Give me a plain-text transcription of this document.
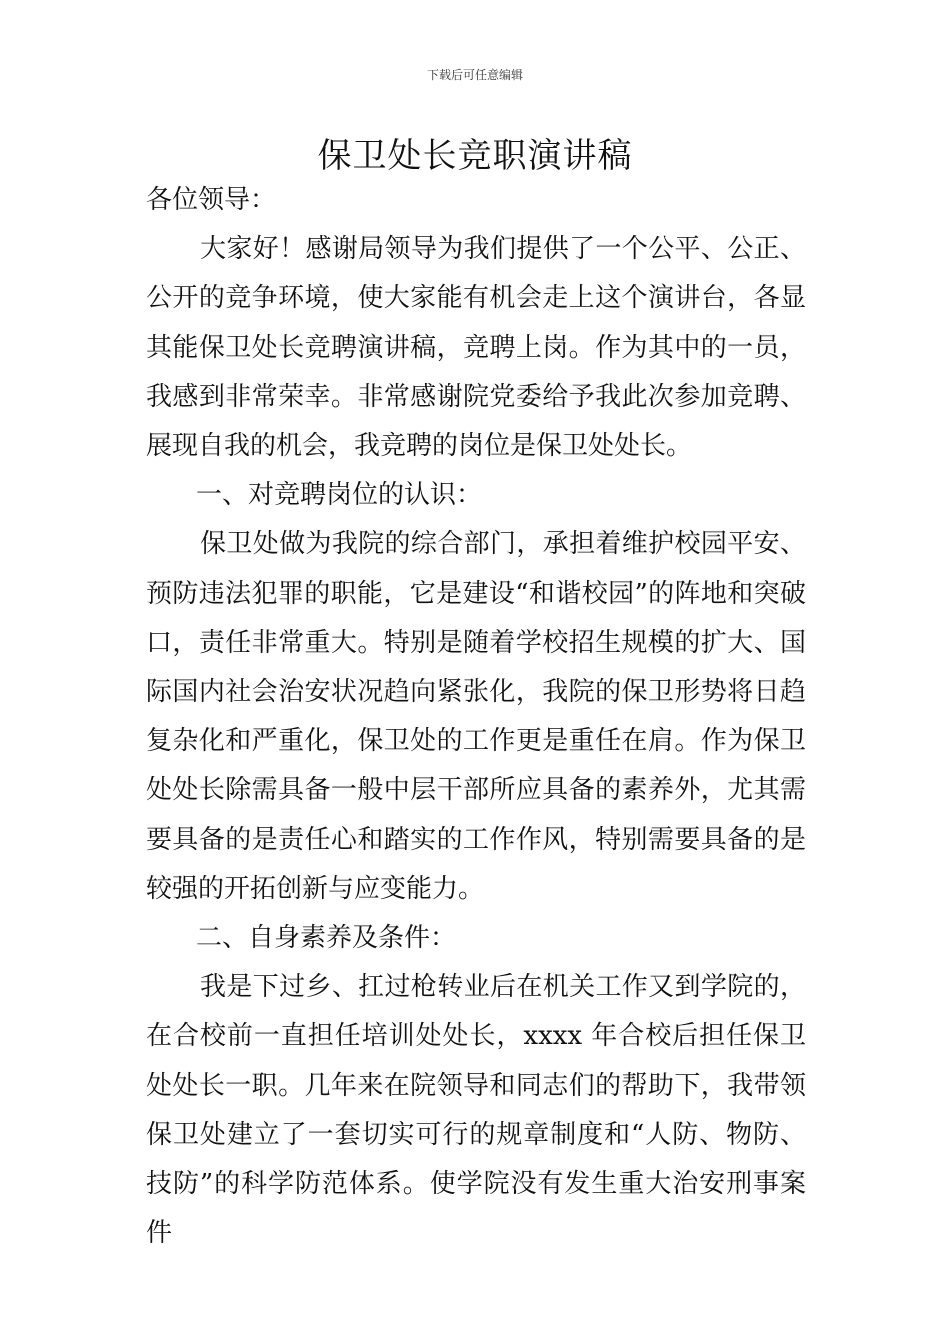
下载后可任意编辑
保卫处长竞职演讲稿

各位领导：

大家好！感谢局领导为我们提供了一个公平、公正、公开的竞争环境，使大家能有机会走上这个演讲台，各显其能保卫处长竞聘演讲稿，竞聘上岗。作为其中的一员，我感到非常荣幸。非常感谢院党委给予我此次参加竞聘、展现自我的机会，我竞聘的岗位是保卫处处长。

一、对竞聘岗位的认识：

保卫处做为我院的综合部门，承担着维护校园平安、预防违法犯罪的职能，它是建设“和谐校园”的阵地和突破口，责任非常重大。特别是随着学校招生规模的扩大、国际国内社会治安状况趋向紧张化，我院的保卫形势将日趋复杂化和严重化，保卫处的工作更是重任在肩。作为保卫处处长除需具备一般中层干部所应具备的素养外，尤其需要具备的是责任心和踏实的工作作风，特别需要具备的是较强的开拓创新与应变能力。

二、自身素养及条件：

我是下过乡、扛过枪转业后在机关工作又到学院的，在合校前一直担任培训处处长，xxxx 年合校后担任保卫处处长一职。几年来在院领导和同志们的帮助下，我带领保卫处建立了一套切实可行的规章制度和“人防、物防、技防”的科学防范体系。使学院没有发生重大治安刑事案件
